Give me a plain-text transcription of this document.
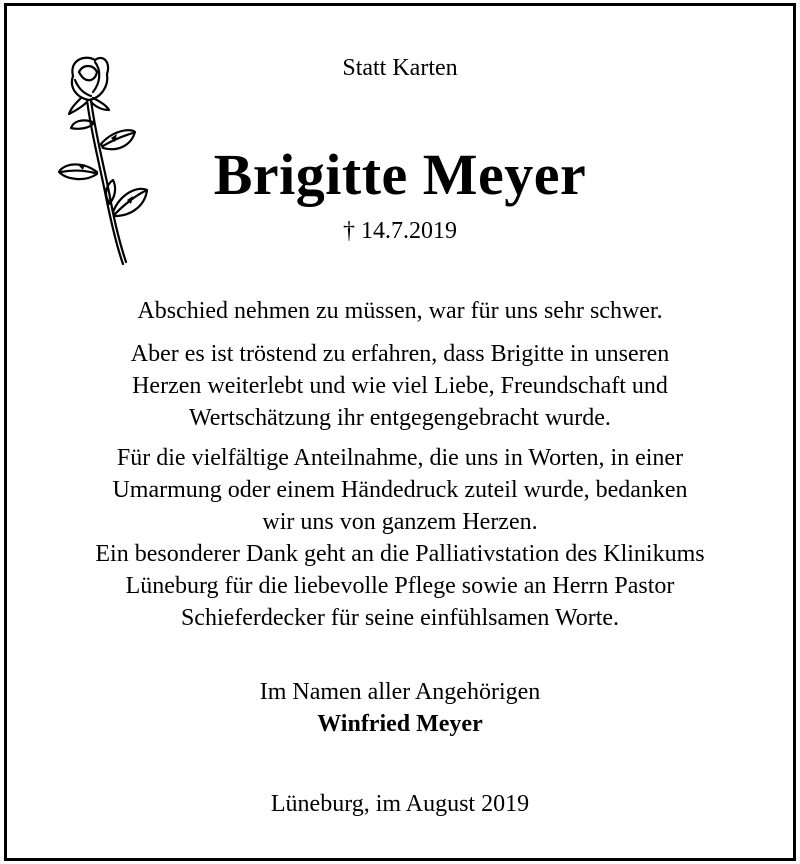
Statt Karten
Brigitte Meyer
† 14.7.2019
Abschied nehmen zu müssen, war für uns sehr schwer.
Aber es ist tröstend zu erfahren, dass Brigitte in unseren
Herzen weiterlebt und wie viel Liebe, Freundschaft und
Wertschätzung ihr entgegengebracht wurde.
Für die vielfältige Anteilnahme, die uns in Worten, in einer
Umarmung oder einem Händedruck zuteil wurde, bedanken
wir uns von ganzem Herzen.
Ein besonderer Dank geht an die Palliativstation des Klinikums
Lüneburg für die liebevolle Pflege sowie an Herrn Pastor
Schieferdecker für seine einfühlsamen Worte.
Im Namen aller Angehörigen
Winfried Meyer
Lüneburg, im August 2019
